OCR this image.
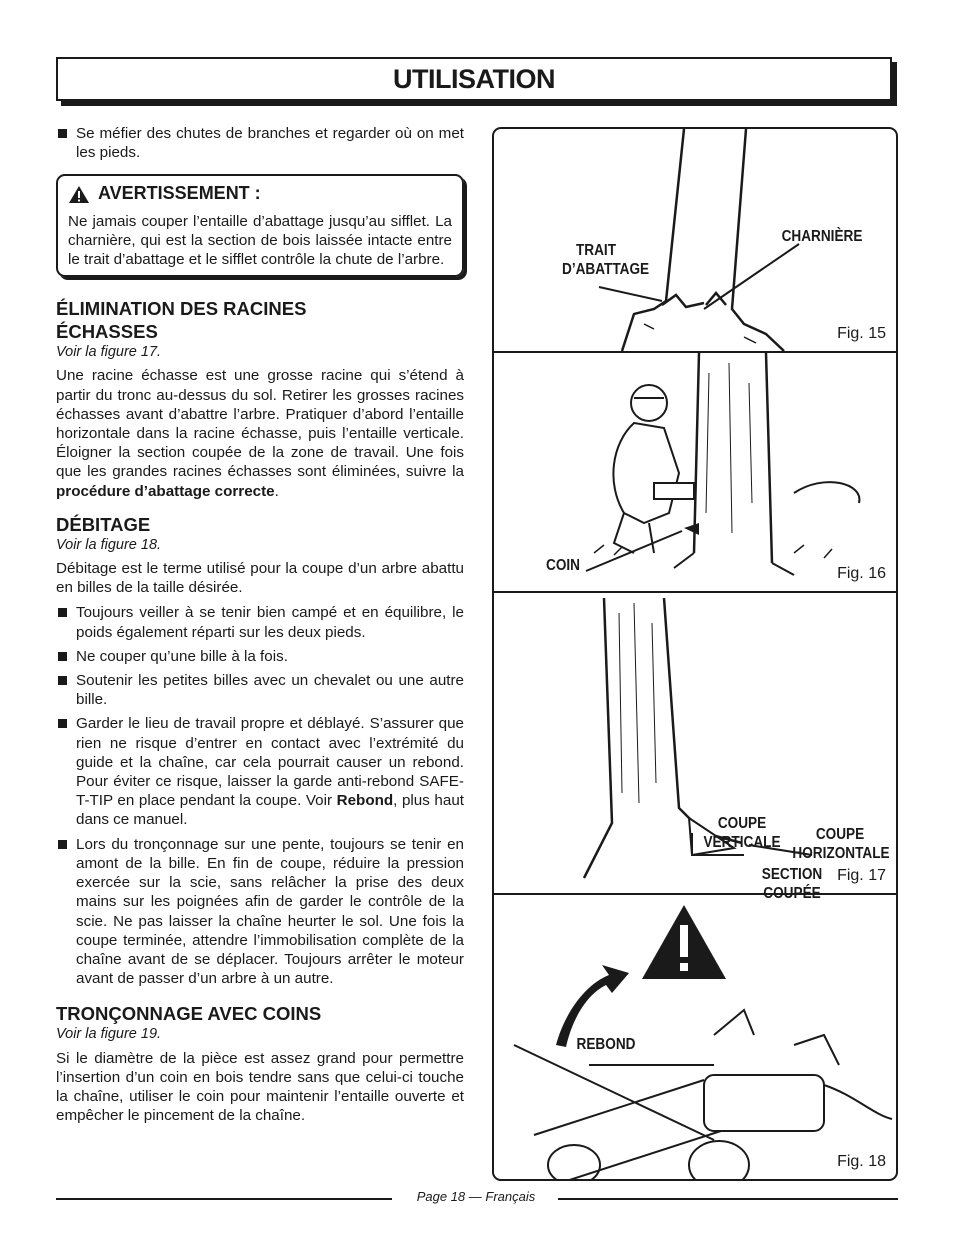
UTILISATION
Se méfier des chutes de branches et regarder où on met les pieds.
AVERTISSEMENT :
Ne jamais couper l’entaille d’abattage jusqu’au sifflet. La charnière, qui est la section de bois laissée intacte entre le trait d’abattage et le sifflet contrôle la chute de l’arbre.
ÉLIMINATION DES RACINES
ÉCHASSES
Voir la figure 17.

Une racine échasse est une grosse racine qui s’étend à partir du tronc au-dessus du sol. Retirer les grosses racines échasses avant d’abattre l’arbre. Pratiquer d’abord l’entaille horizontale dans la racine échasse, puis l’entaille verticale. Éloigner la section coupée de la zone de travail. Une fois que les grandes racines échasses sont éliminées, suivre la procédure d’abattage correcte.

DÉBITAGE
Voir la figure 18.

Débitage est le terme utilisé pour la coupe d’un arbre abattu en billes de la taille désirée.

Toujours veiller à se tenir bien campé et en équilibre, le poids également réparti sur les deux pieds.
Ne couper qu’une bille à la fois.
Soutenir les petites billes avec un chevalet ou une autre bille.
Garder le lieu de travail propre et déblayé. S’assurer que rien ne risque d’entrer en contact avec l’extrémité du guide et la chaîne, car cela pourrait causer un rebond. Pour éviter ce risque, laisser la garde anti-rebond SAFE-T-TIP en place pendant la coupe. Voir Rebond, plus haut dans ce manuel.
Lors du tronçonnage sur une pente, toujours se tenir en amont de la bille. En fin de coupe, réduire la pression exercée sur la scie, sans relâcher la prise des deux mains sur les poignées afin de garder le contrôle de la scie. Ne pas laisser la chaîne heurter le sol. Une fois la coupe terminée, attendre l’immobilisation complète de la chaîne avant de se déplacer. Toujours arrêter le moteur avant de passer d’un arbre à un autre.
TRONÇONNAGE AVEC COINS
Voir la figure 19.

Si le diamètre de la pièce est assez grand pour permettre l’insertion d’un coin en bois tendre sans que celui-ci touche la chaîne, utiliser le coin pour maintenir l’entaille ouverte et empêcher le pincement de la chaîne.

TRAIT
D’ABATTAGE
CHARNIÈRE
Fig. 15
COIN	Fig. 16
COUPE
VERTICALE
SECTION
COUPÉE
COUPE
HORIZONTALE
Fig. 17
REBOND
Fig. 18
Page 18 — Français
